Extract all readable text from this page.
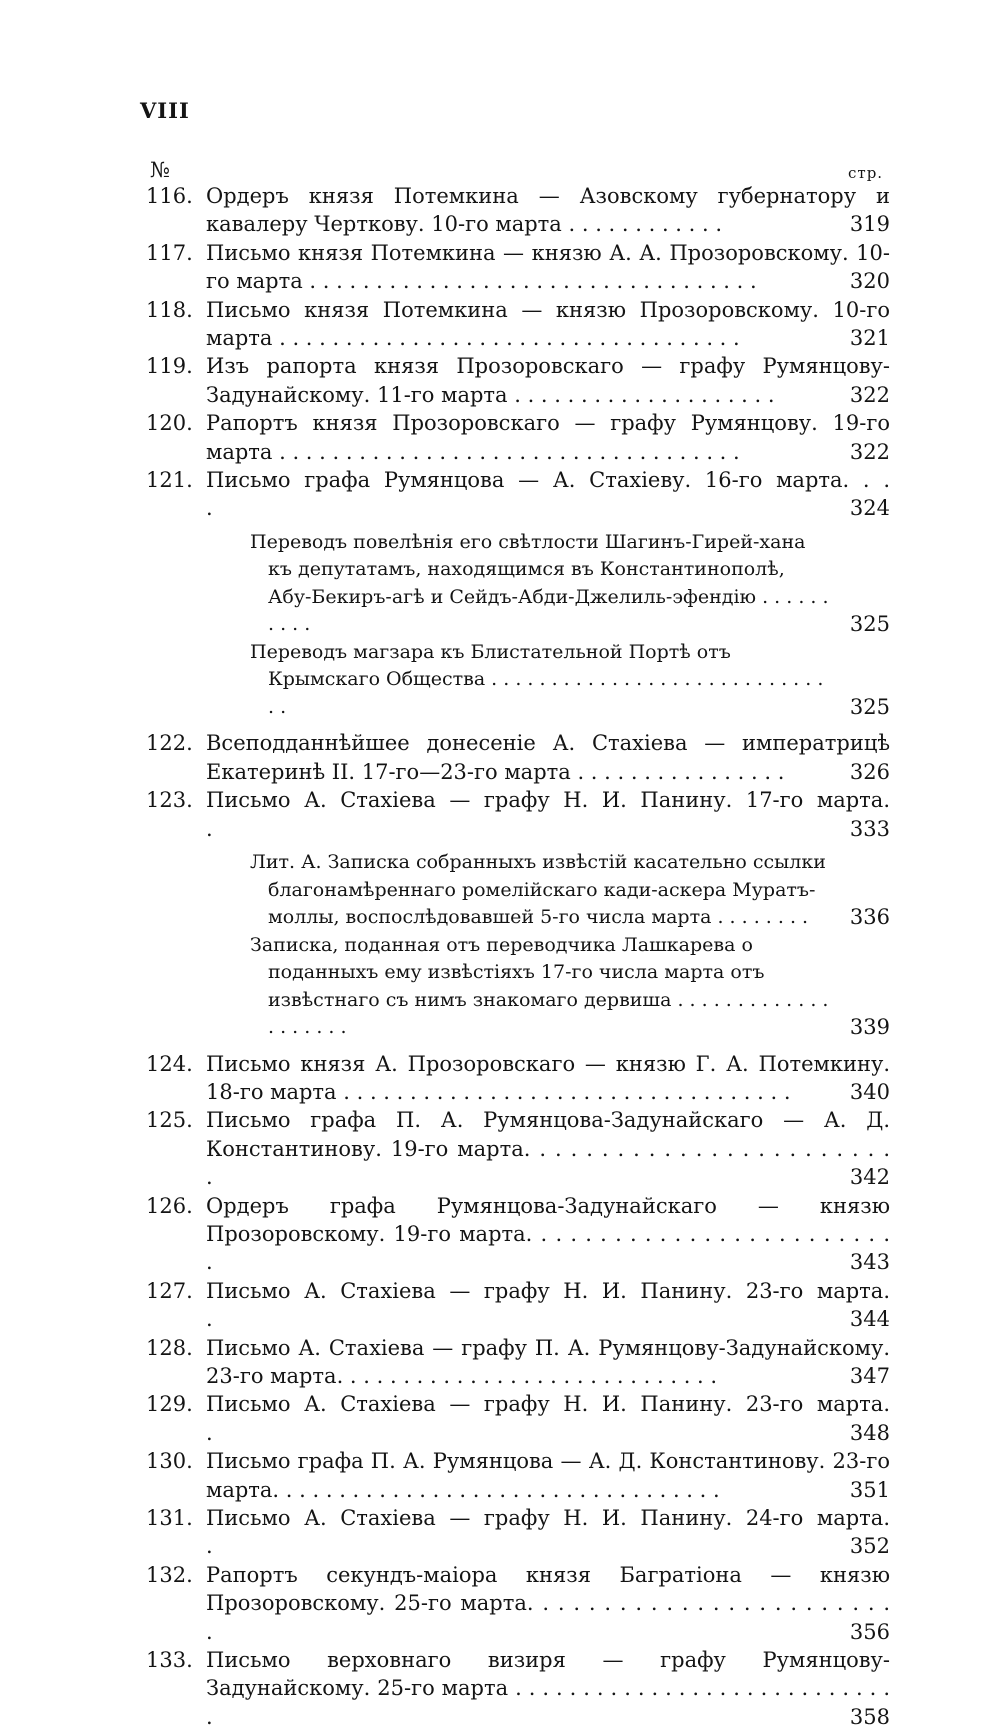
VIII
№	стр.
116. Ордеръ князя Потемкина — Азовскому губернатору и кавалеру Черткову. 10-го марта . . . . . . . . . . . .	319
117. Письмо князя Потемкина — князю А. А. Прозоровскому. 10-го марта . . . . . . . . . . . . . . . . . . . . . . . . . . . . . . . . . .	320
118. Письмо князя Потемкина — князю Прозоровскому. 10-го марта . . . . . . . . . . . . . . . . . . . . . . . . . . . . . . . . . . .	321
119. Изъ рапорта князя Прозоровскаго — графу Румянцову-Задунайскому. 11-го марта . . . . . . . . . . . . . . . . . . . .	322
120. Рапортъ князя Прозоровскаго — графу Румянцову. 19-го марта . . . . . . . . . . . . . . . . . . . . . . . . . . . . . . . . . . .	322
121. Письмо графа Румянцова — А. Стахіеву. 16-го марта. . . .	324
Переводъ повелѣнія его свѣтлости Шагинъ-Гирей-хана къ депутатамъ, находящимся въ Константинополѣ, Абу-Бекиръ-агѣ и Сейдъ-Абди-Джелиль-эфендію . . . . . . . . . .	325
Переводъ магзара къ Блистательной Портѣ отъ Крымскаго Общества . . . . . . . . . . . . . . . . . . . . . . . . . . . . . .	325
122. Всеподданнѣйшее донесеніе А. Стахіева — императрицѣ Екатеринѣ II. 17-го—23-го марта . . . . . . . . . . . . . . . .	326
123. Письмо А. Стахіева — графу Н. И. Панину. 17-го марта. .	333
Лит. А. Записка собранныхъ извѣстій касательно ссылки благонамѣреннаго ромелійскаго кади-аскера Муратъ-моллы, воспослѣдовавшей 5-го числа марта . . . . . . . .	336
Записка, поданная отъ переводчика Лашкарева о поданныхъ ему извѣстіяхъ 17-го числа марта отъ извѣстнаго съ нимъ знакомаго дервиша . . . . . . . . . . . . . . . . . . . .	339
124. Письмо князя А. Прозоровскаго — князю Г. А. Потемкину. 18-го марта . . . . . . . . . . . . . . . . . . . . . . . . . . . . . . . . . .	340
125. Письмо графа П. А. Румянцова-Задунайскаго — А. Д. Константинову. 19-го марта. . . . . . . . . . . . . . . . . . . . . . . . .	342
126. Ордеръ графа Румянцова-Задунайскаго — князю Прозоровскому. 19-го марта. . . . . . . . . . . . . . . . . . . . . . . . . .	343
127. Письмо А. Стахіева — графу Н. И. Панину. 23-го марта. .	344
128. Письмо А. Стахіева — графу П. А. Румянцову-Задунайскому. 23-го марта. . . . . . . . . . . . . . . . . . . . . . . . . . . . .	347
129. Письмо А. Стахіева — графу Н. И. Панину. 23-го марта. .	348
130. Письмо графа П. А. Румянцова — А. Д. Константинову. 23-го марта. . . . . . . . . . . . . . . . . . . . . . . . . . . . . . . . . .	351
131. Письмо А. Стахіева — графу Н. И. Панину. 24-го марта. .	352
132. Рапортъ секундъ-маіора князя Багратіона — князю Прозоровскому. 25-го марта. . . . . . . . . . . . . . . . . . . . . . . . .	356
133. Письмо верховнаго визиря — графу Румянцову-Задунайскому. 25-го марта . . . . . . . . . . . . . . . . . . . . . . . . . . . . .	358
